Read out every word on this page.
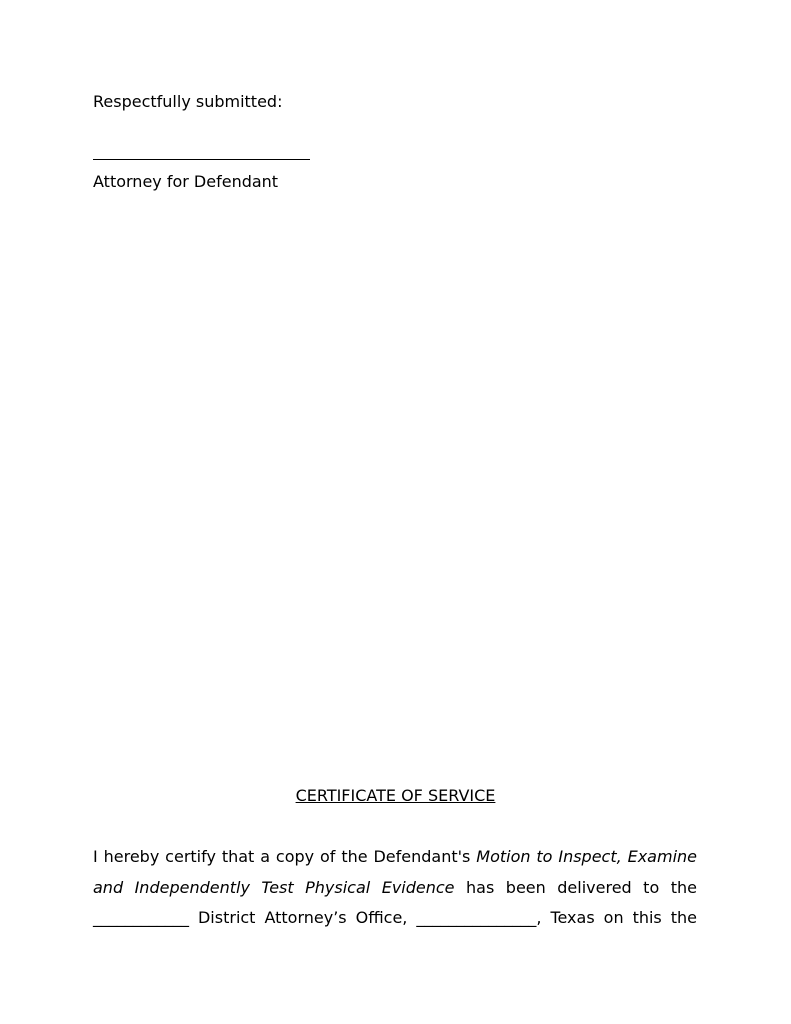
Respectfully submitted:
Attorney for Defendant
CERTIFICATE OF SERVICE
I hereby certify that a copy of the Defendant's Motion to Inspect, Examine and Independently Test Physical Evidence has been delivered to the ____________ District Attorney’s Office, _______________, Texas on this the
